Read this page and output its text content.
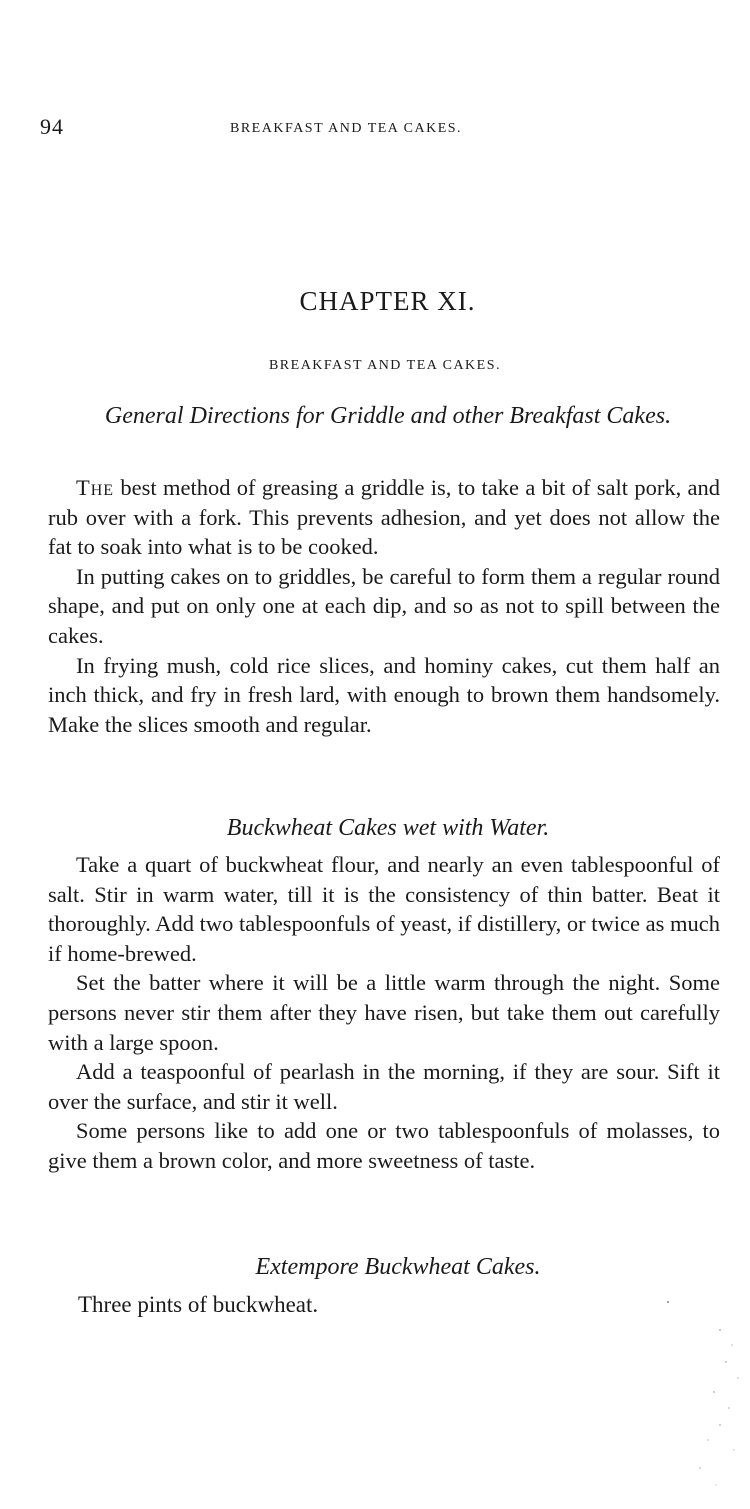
94	BREAKFAST AND TEA CAKES.
CHAPTER XI.
BREAKFAST AND TEA CAKES.
General Directions for Griddle and other Breakfast Cakes.

The best method of greasing a griddle is, to take a bit of salt pork, and rub over with a fork. This prevents adhesion, and yet does not allow the fat to soak into what is to be cooked.

In putting cakes on to griddles, be careful to form them a regular round shape, and put on only one at each dip, and so as not to spill between the cakes.

In frying mush, cold rice slices, and hominy cakes, cut them half an inch thick, and fry in fresh lard, with enough to brown them handsomely. Make the slices smooth and regular.

Buckwheat Cakes wet with Water.

Take a quart of buckwheat flour, and nearly an even tablespoonful of salt. Stir in warm water, till it is the consistency of thin batter. Beat it thoroughly. Add two tablespoonfuls of yeast, if distillery, or twice as much if home-brewed.

Set the batter where it will be a little warm through the night. Some persons never stir them after they have risen, but take them out carefully with a large spoon.

Add a teaspoonful of pearlash in the morning, if they are sour. Sift it over the surface, and stir it well.

Some persons like to add one or two tablespoonfuls of molasses, to give them a brown color, and more sweetness of taste.

Extempore Buckwheat Cakes.
Three pints of buckwheat.
